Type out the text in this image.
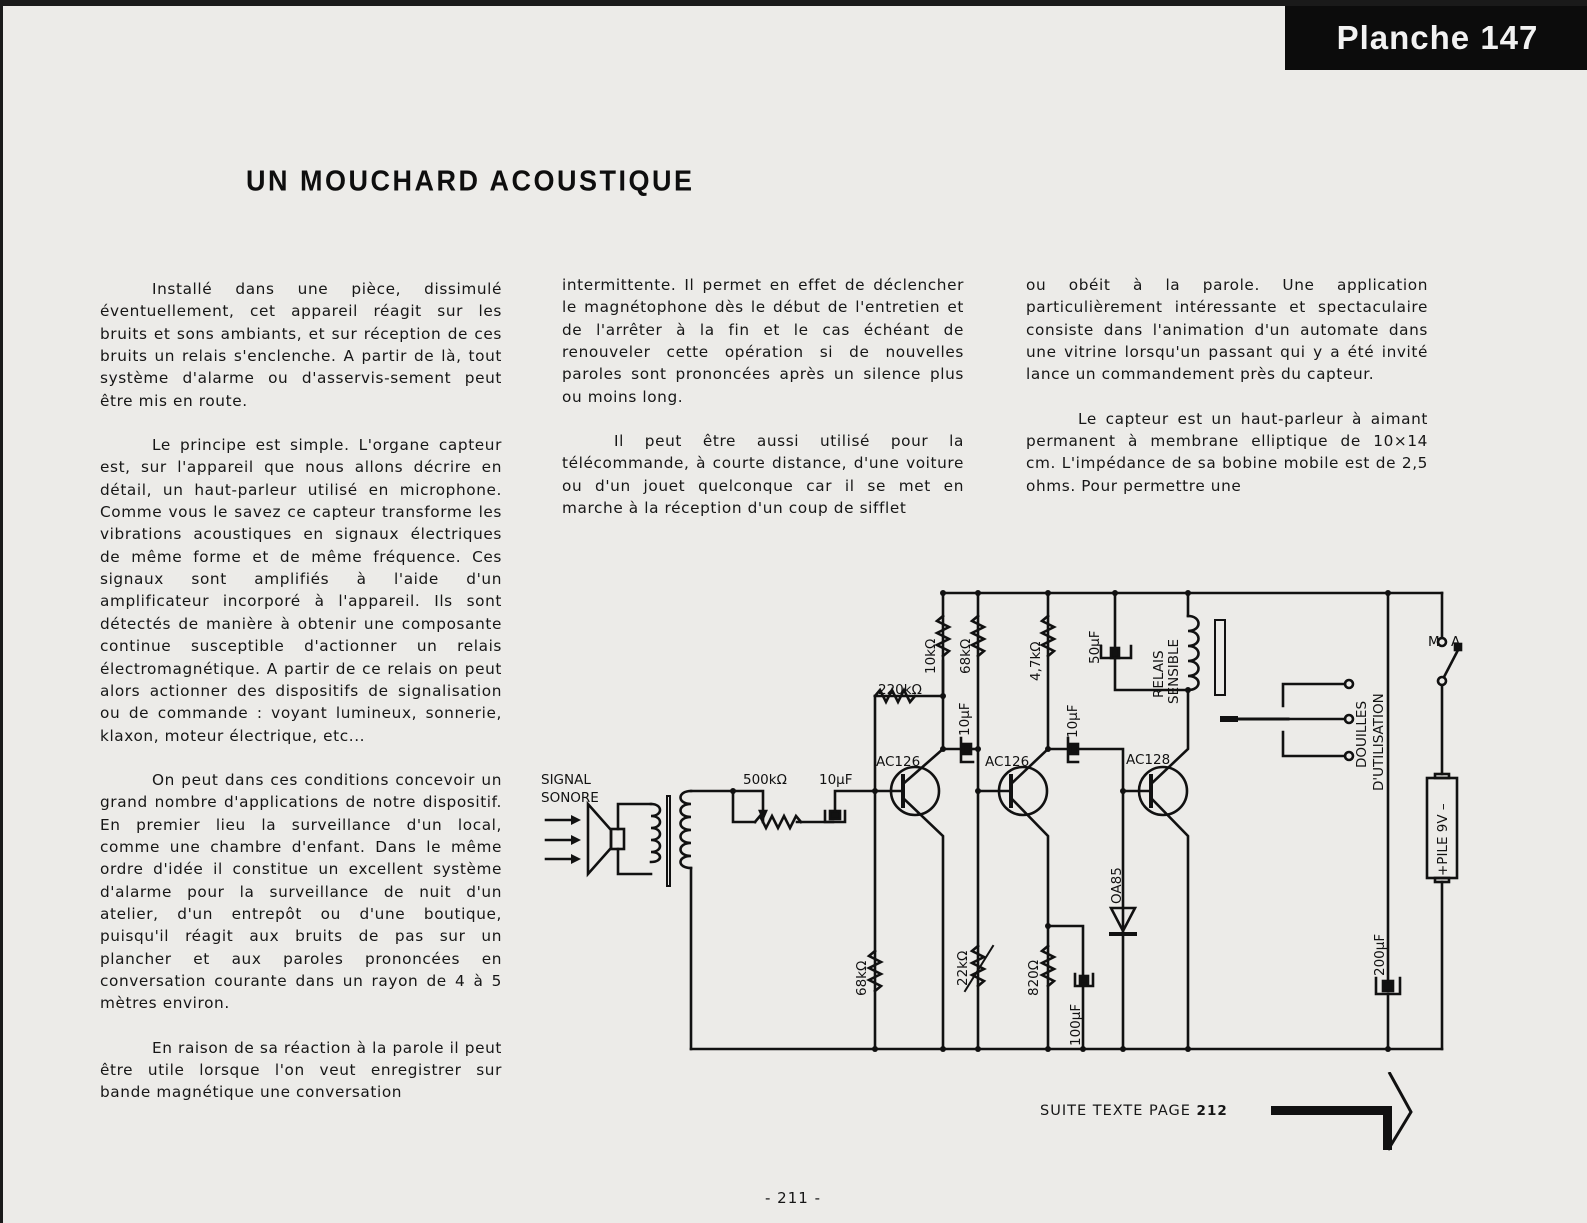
Planche 147
UN MOUCHARD ACOUSTIQUE

Installé dans une pièce, dissimulé éventuellement, cet appareil réagit sur les bruits et sons ambiants, et sur réception de ces bruits un relais s'enclenche. A partir de là, tout système d'alarme ou d'asservis-sement peut être mis en route.

Le principe est simple. L'organe capteur est, sur l'appareil que nous allons décrire en détail, un haut-parleur utilisé en microphone. Comme vous le savez ce capteur transforme les vibrations acoustiques en signaux électriques de même forme et de même fréquence. Ces signaux sont amplifiés à l'aide d'un amplificateur incorporé à l'appareil. Ils sont détectés de manière à obtenir une composante continue susceptible d'actionner un relais électromagnétique. A partir de ce relais on peut alors actionner des dispositifs de signalisation ou de commande : voyant lumineux, sonnerie, klaxon, moteur électrique, etc...

On peut dans ces conditions concevoir un grand nombre d'applications de notre dispositif. En premier lieu la surveillance d'un local, comme une chambre d'enfant. Dans le même ordre d'idée il constitue un excellent système d'alarme pour la surveillance de nuit d'un atelier, d'un entrepôt ou d'une boutique, puisqu'il réagit aux bruits de pas sur un plancher et aux paroles prononcées en conversation courante dans un rayon de 4 à 5 mètres environ.

En raison de sa réaction à la parole il peut être utile lorsque l'on veut enregistrer sur bande magnétique une conversation

intermittente. Il permet en effet de déclencher le magnétophone dès le début de l'entretien et de l'arrêter à la fin et le cas échéant de renouveler cette opération si de nouvelles paroles sont prononcées après un silence plus ou moins long.

Il peut être aussi utilisé pour la télécommande, à courte distance, d'une voiture ou d'un jouet quelconque car il se met en marche à la réception d'un coup de sifflet

ou obéit à la parole. Une application particulièrement intéressante et spectaculaire consiste dans l'animation d'un automate dans une vitrine lorsqu'un passant qui y a été invité lance un commandement près du capteur.

Le capteur est un haut-parleur à aimant permanent à membrane elliptique de 10×14 cm. L'impédance de sa bobine mobile est de 2,5 ohms. Pour permettre une

SIGNAL
SONORE
500kΩ 10µF
220kΩ
AC126	AC126	AC128
M A
10kΩ 68kΩ
10µF
4,7kΩ
10µF
50µF
RELAIS SENSIBLE
DOUILLES D'UTILISATION
+PILE 9V –
68kΩ	22kΩ	820Ω
100µF
OA85
200µF
SUITE TEXTE PAGE 212
- 211 -
